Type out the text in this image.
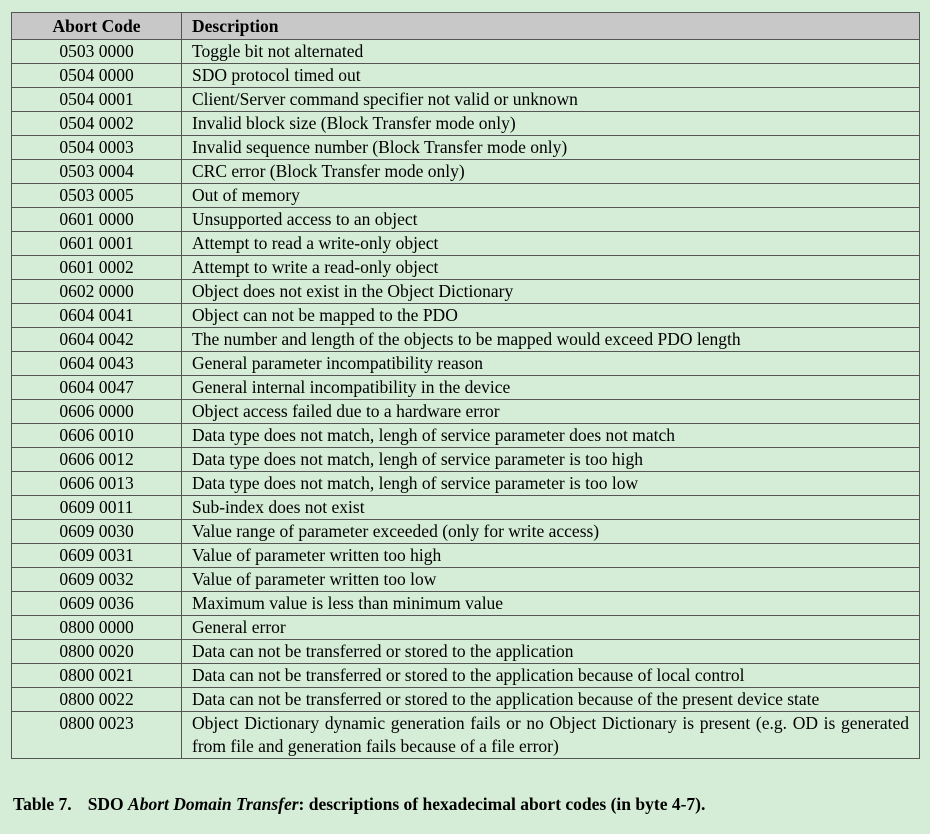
Abort Code	Description
0503 0000	Toggle bit not alternated
0504 0000	SDO protocol timed out
0504 0001	Client/Server command specifier not valid or unknown
0504 0002	Invalid block size (Block Transfer mode only)
0504 0003	Invalid sequence number (Block Transfer mode only)
0503 0004	CRC error (Block Transfer mode only)
0503 0005	Out of memory
0601 0000	Unsupported access to an object
0601 0001	Attempt to read a write-only object
0601 0002	Attempt to write a read-only object
0602 0000	Object does not exist in the Object Dictionary
0604 0041	Object can not be mapped to the PDO
0604 0042	The number and length of the objects to be mapped would exceed PDO length
0604 0043	General parameter incompatibility reason
0604 0047	General internal incompatibility in the device
0606 0000	Object access failed due to a hardware error
0606 0010	Data type does not match, lengh of service parameter does not match
0606 0012	Data type does not match, lengh of service parameter is too high
0606 0013	Data type does not match, lengh of service parameter is too low
0609 0011	Sub-index does not exist
0609 0030	Value range of parameter exceeded (only for write access)
0609 0031	Value of parameter written too high
0609 0032	Value of parameter written too low
0609 0036	Maximum value is less than minimum value
0800 0000	General error
0800 0020	Data can not be transferred or stored to the application
0800 0021	Data can not be transferred or stored to the application because of local control
0800 0022	Data can not be transferred or stored to the application because of the present device state
0800 0023	Object Dictionary dynamic generation fails or no Object Dictionary is present (e.g. OD is generated from file and generation fails because of a file error)
Table 7. SDO Abort Domain Transfer: descriptions of hexadecimal abort codes (in byte 4-7).
